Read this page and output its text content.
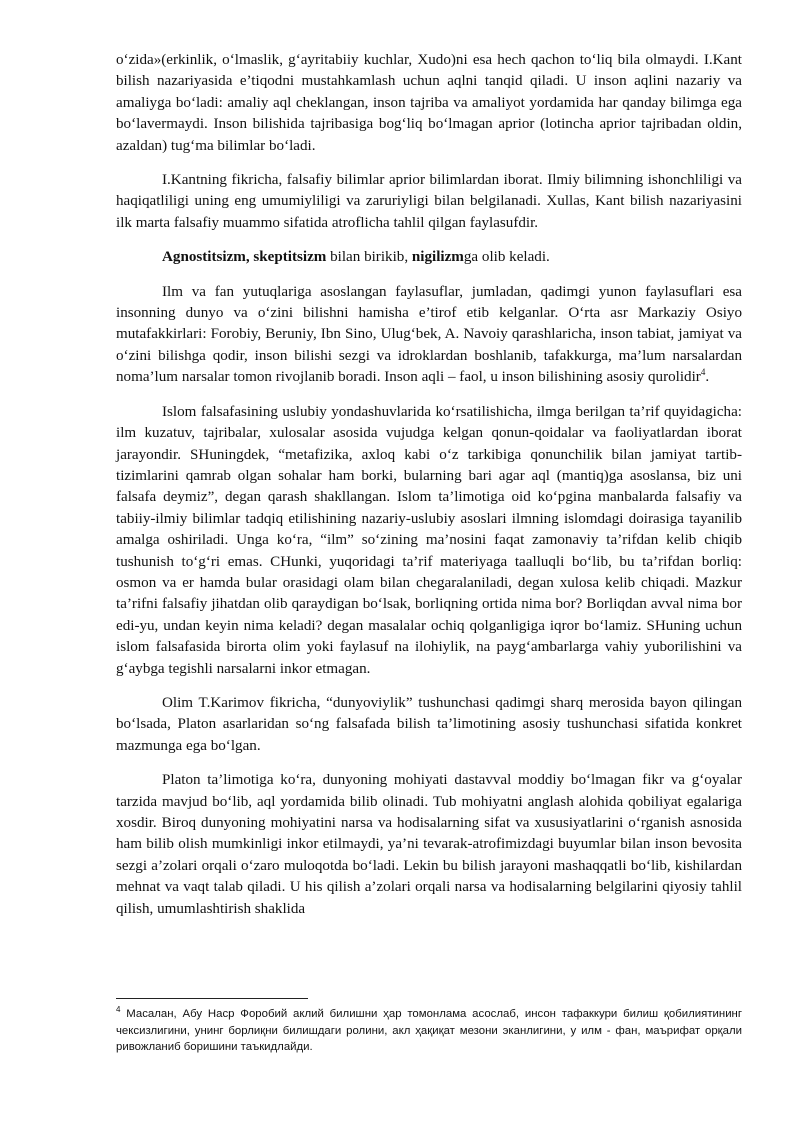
o‘zida»(erkinlik, o‘lmaslik, g‘ayritabiiy kuchlar, Xudo)ni esa hech qachon to‘liq bila olmaydi. I.Kant bilish nazariyasida e’tiqodni mustahkamlash uchun aqlni tanqid qiladi. U inson aqlini nazariy va amaliyga bo‘ladi: amaliy aql cheklangan, inson tajriba va amaliyot yordamida har qanday bilimga ega bo‘lavermaydi. Inson bilishida tajribasiga bog‘liq bo‘lmagan aprior (lotincha aprior tajribadan oldin, azaldan) tug‘ma bilimlar bo‘ladi.

I.Kantning fikricha, falsafiy bilimlar aprior bilimlardan iborat. Ilmiy bilimning ishonchliligi va haqiqatliligi uning eng umumiyliligi va zaruriyligi bilan belgilanadi. Xullas, Kant bilish nazariyasini ilk marta falsafiy muammo sifatida atroflicha tahlil qilgan faylasufdir.

Agnostitsizm, skeptitsizm bilan birikib, nigilizmga olib keladi.

Ilm va fan yutuqlariga asoslangan faylasuflar, jumladan, qadimgi yunon faylasuflari esa insonning dunyo va o‘zini bilishni hamisha e’tirof etib kelganlar. O‘rta asr Markaziy Osiyo mutafakkirlari: Forobiy, Beruniy, Ibn Sino, Ulug‘bek, A. Navoiy qarashlaricha, inson tabiat, jamiyat va o‘zini bilishga qodir, inson bilishi sezgi va idroklardan boshlanib, tafakkurga, ma’lum narsalardan noma’lum narsalar tomon rivojlanib boradi. Inson aqli – faol, u inson bilishining asosiy qurolidir$^4$.

Islom falsafasining uslubiy yondashuvlarida ko‘rsatilishicha, ilmga berilgan ta’rif quyidagicha: ilm kuzatuv, tajribalar, xulosalar asosida vujudga kelgan qonun-qoidalar va faoliyatlardan iborat jarayondir. SHuningdek, “metafizika, axloq kabi o‘z tarkibiga qonunchilik bilan jamiyat tartib-tizimlarini qamrab olgan sohalar ham borki, bularning bari agar aql (mantiq)ga asoslansa, biz uni falsafa deymiz”, degan qarash shakllangan. Islom ta’limotiga oid ko‘pgina manbalarda falsafiy va tabiiy-ilmiy bilimlar tadqiq etilishining nazariy-uslubiy asoslari ilmning islomdagi doirasiga tayanilib amalga oshiriladi. Unga ko‘ra, “ilm” so‘zining ma’nosini faqat zamonaviy ta’rifdan kelib chiqib tushunish to‘g‘ri emas. CHunki, yuqoridagi ta’rif materiyaga taalluqli bo‘lib, bu ta’rifdan borliq: osmon va er hamda bular orasidagi olam bilan chegaralaniladi, degan xulosa kelib chiqadi. Mazkur ta’rifni falsafiy jihatdan olib qaraydigan bo‘lsak, borliqning ortida nima bor? Borliqdan avval nima bor edi-yu, undan keyin nima keladi? degan masalalar ochiq qolganligiga iqror bo‘lamiz. SHuning uchun islom falsafasida birorta olim yoki faylasuf na ilohiylik, na payg‘ambarlarga vahiy yuborilishini va g‘aybga tegishli narsalarni inkor etmagan.

Olim T.Karimov fikricha, “dunyoviylik” tushunchasi qadimgi sharq merosida bayon qilingan bo‘lsada, Platon asarlaridan so‘ng falsafada bilish ta’limotining asosiy tushunchasi sifatida konkret mazmunga ega bo‘lgan.

Platon ta’limotiga ko‘ra, dunyoning mohiyati dastavval moddiy bo‘lmagan fikr va g‘oyalar tarzida mavjud bo‘lib, aql yordamida bilib olinadi. Tub mohiyatni anglash alohida qobiliyat egalariga xosdir. Biroq dunyoning mohiyatini narsa va hodisalarning sifat va xususiyatlarini o‘rganish asnosida ham bilib olish mumkinligi inkor etilmaydi, ya’ni tevarak-atrofimizdagi buyumlar bilan inson bevosita sezgi a’zolari orqali o‘zaro muloqotda bo‘ladi. Lekin bu bilish jarayoni mashaqqatli bo‘lib, kishilardan mehnat va vaqt talab qiladi. U his qilish a’zolari orqali narsa va hodisalarning belgilarini qiyosiy tahlil qilish, umumlashtirish shaklida

$^4$ Масалан, Абу Наср Форобий аклий билишни ҳар томонлама асослаб, инсон тафаккури билиш қобилиятининг чексизлигини, унинг борлиқни билишдаги ролини, акл ҳақиқат мезони эканлигини, у илм - фан, маърифат орқали ривожланиб боришини таъкидлайди.
